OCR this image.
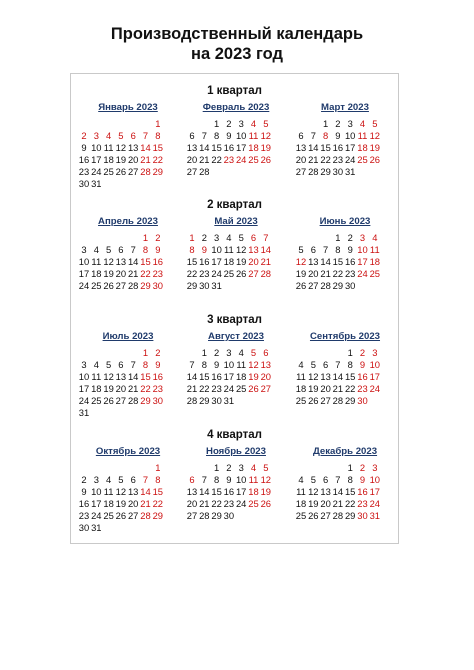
Производственный календарь
на 2023 год
1 квартал
Январь 2023
1
2 3 4 5 6 7 8
9 10 11 12 13 14 15
16 17 18 19 20 21 22
23 24 25 26 27 28 29
30 31
Февраль 2023
1 2 3 4 5
6 7 8 9 10 11 12
13 14 15 16 17 18 19
20 21 22 23 24 25 26
27 28
Март 2023
1 2 3 4 5
6 7 8 9 10 11 12
13 14 15 16 17 18 19
20 21 22 23 24 25 26
27 28 29 30 31
2 квартал
Апрель 2023
1 2
3 4 5 6 7 8 9
10 11 12 13 14 15 16
17 18 19 20 21 22 23
24 25 26 27 28 29 30
Май 2023
1 2 3 4 5 6 7
8 9 10 11 12 13 14
15 16 17 18 19 20 21
22 23 24 25 26 27 28
29 30 31
Июнь 2023
1 2 3 4
5 6 7 8 9 10 11
12 13 14 15 16 17 18
19 20 21 22 23 24 25
26 27 28 29 30
3 квартал
Июль 2023
1 2
3 4 5 6 7 8 9
10 11 12 13 14 15 16
17 18 19 20 21 22 23
24 25 26 27 28 29 30
31
Август 2023
1 2 3 4 5 6
7 8 9 10 11 12 13
14 15 16 17 18 19 20
21 22 23 24 25 26 27
28 29 30 31
Сентябрь 2023
1 2 3
4 5 6 7 8 9 10
11 12 13 14 15 16 17
18 19 20 21 22 23 24
25 26 27 28 29 30
4 квартал
Октябрь 2023
1
2 3 4 5 6 7 8
9 10 11 12 13 14 15
16 17 18 19 20 21 22
23 24 25 26 27 28 29
30 31
Ноябрь 2023
1 2 3 4 5
6 7 8 9 10 11 12
13 14 15 16 17 18 19
20 21 22 23 24 25 26
27 28 29 30
Декабрь 2023
1 2 3
4 5 6 7 8 9 10
11 12 13 14 15 16 17
18 19 20 21 22 23 24
25 26 27 28 29 30 31
